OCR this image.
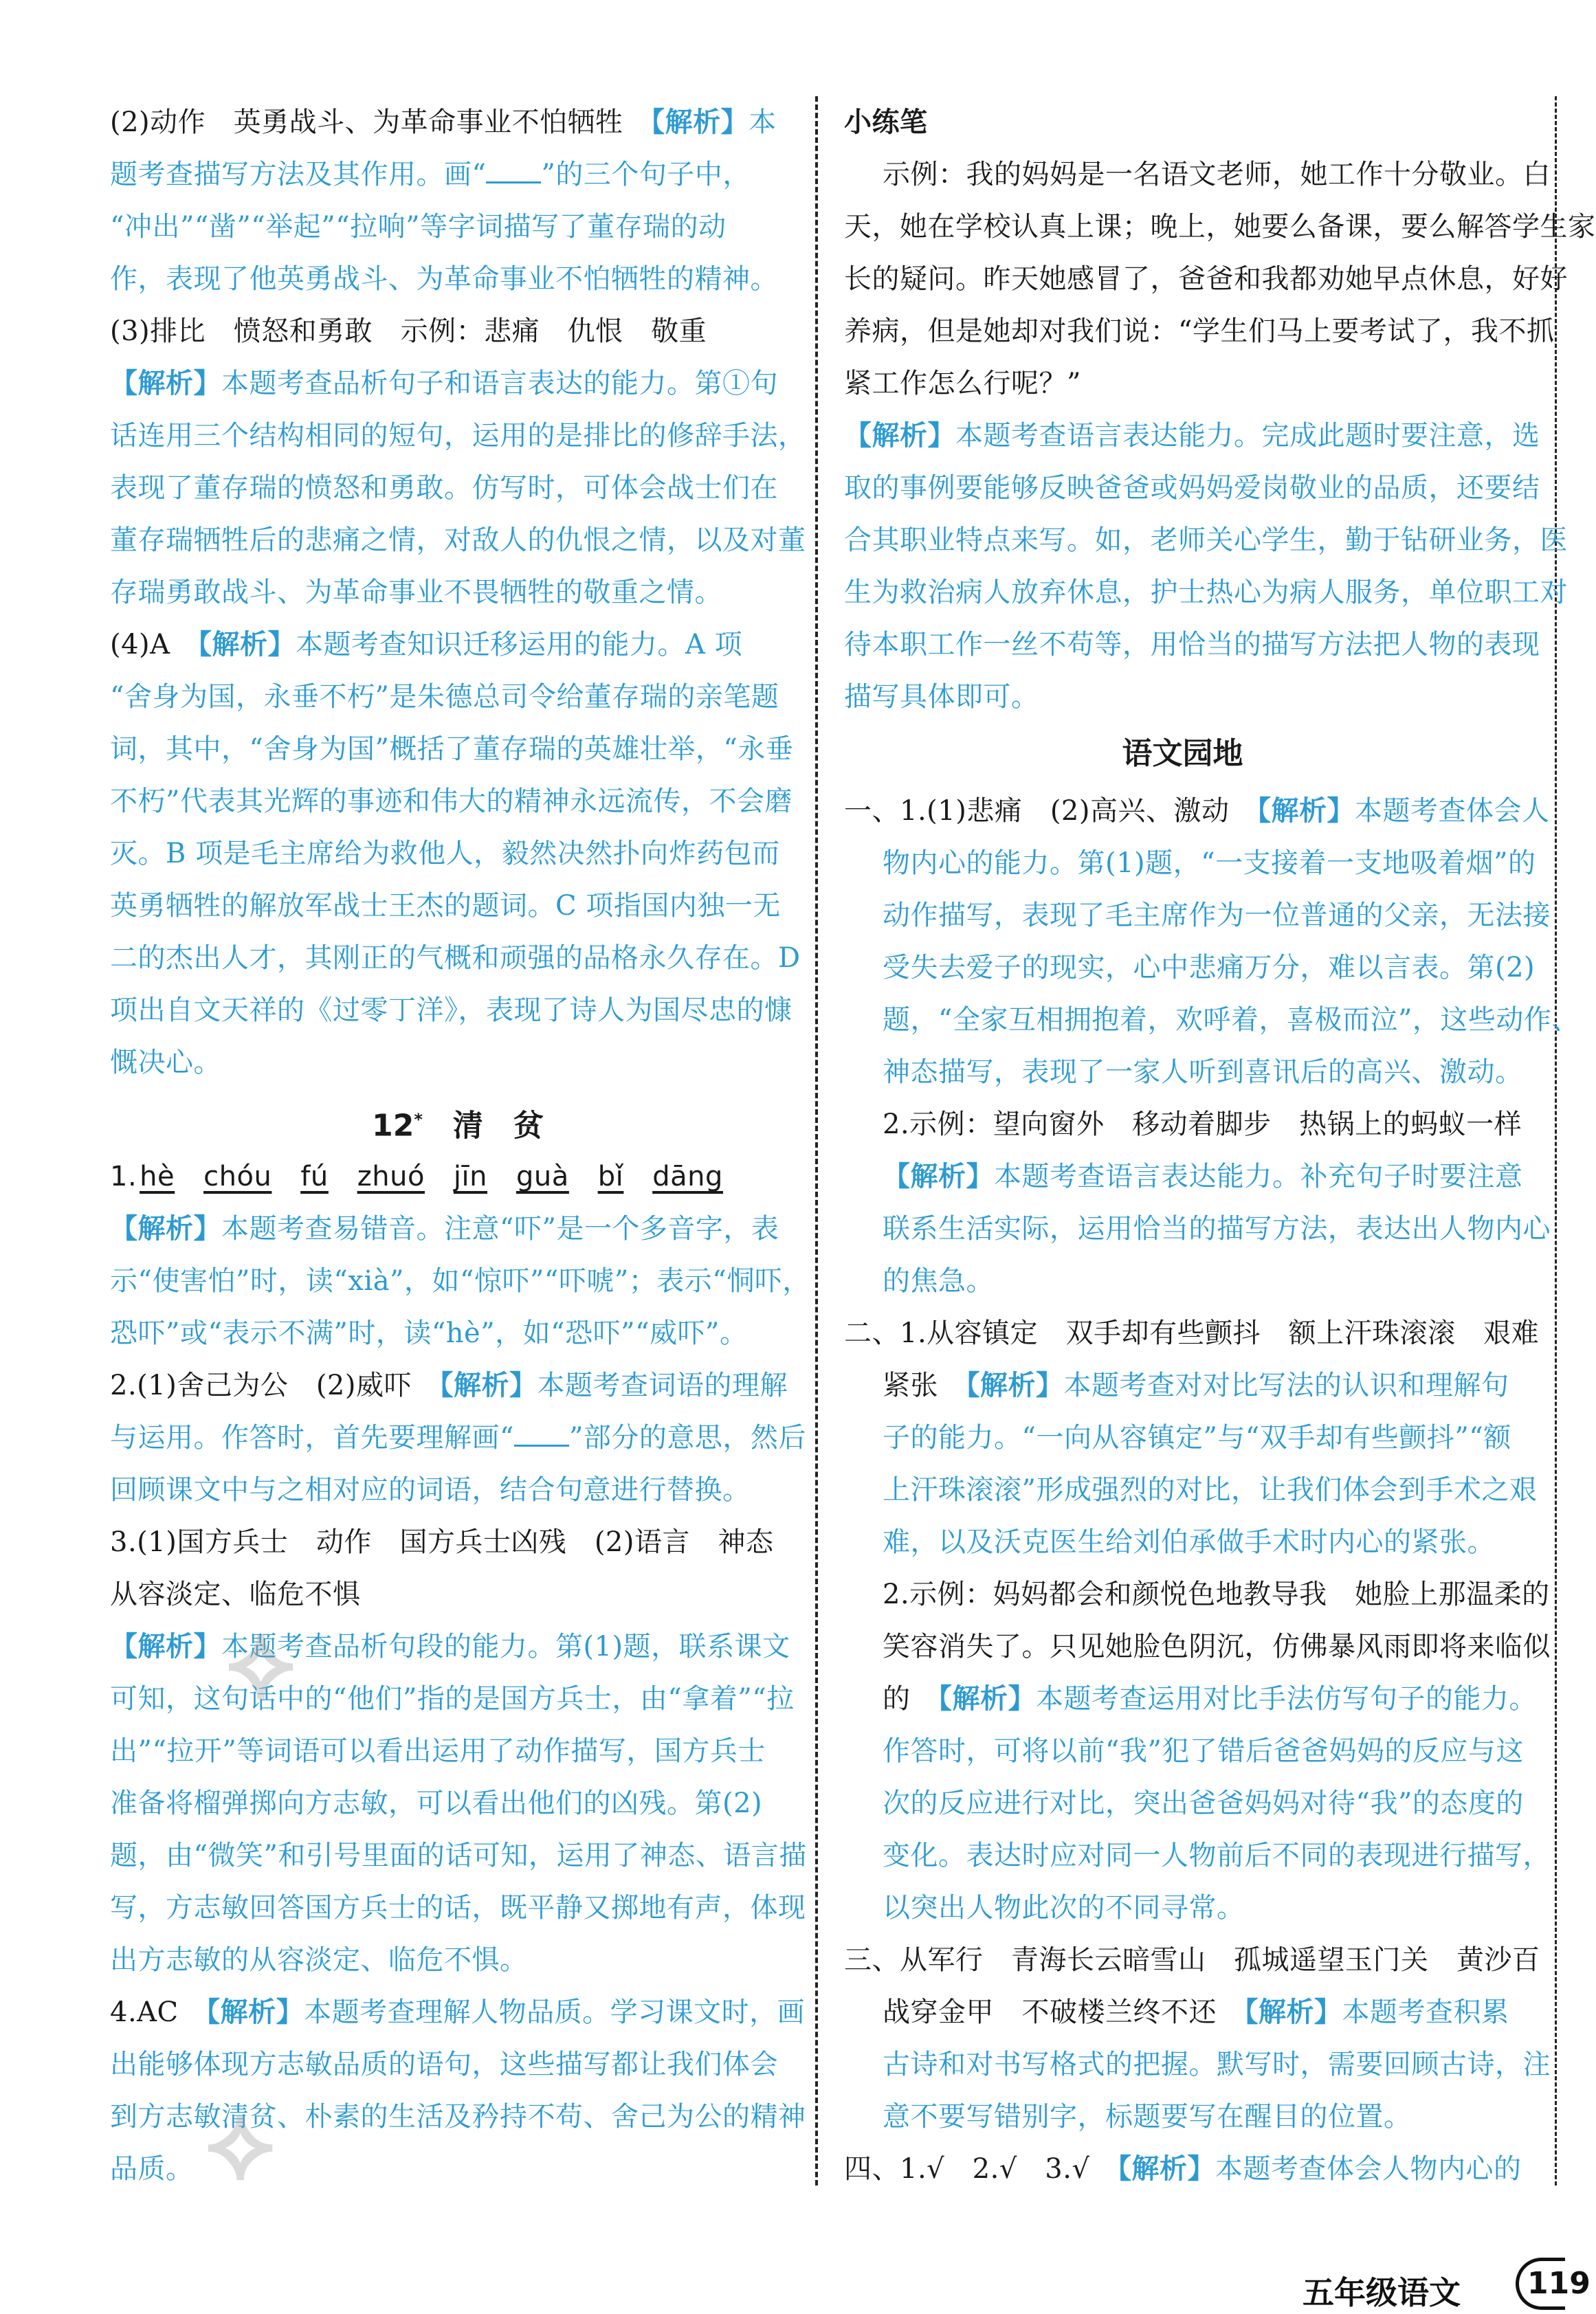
(2)动作　英勇战斗、为革命事业不怕牺牲　 【解析】本
题考查描写方法及其作用。画“ ”的三个句子中，
“冲出”“凿”“举起”“拉响”等字词描写了董存瑞的动
作，表现了他英勇战斗、为革命事业不怕牺牲的精神。
(3)排比　愤怒和勇敢　示例：悲痛　仇恨　敬重
【解析】本题考查品析句子和语言表达的能力。第①句
话连用三个结构相同的短句，运用的是排比的修辞手法，
表现了董存瑞的愤怒和勇敢。仿写时，可体会战士们在
董存瑞牺牲后的悲痛之情，对敌人的仇恨之情，以及对董
存瑞勇敢战斗、为革命事业不畏牺牲的敬重之情。
(4)A　【解析】本题考查知识迁移运用的能力。A 项
“舍身为国，永垂不朽”是朱德总司令给董存瑞的亲笔题
词，其中，“舍身为国”概括了董存瑞的英雄壮举，“永垂
不朽”代表其光辉的事迹和伟大的精神永远流传，不会磨
灭。B 项是毛主席给为救他人，毅然决然扑向炸药包而
英勇牺牲的解放军战士王杰的题词。C 项指国内独一无
二的杰出人才，其刚正的气概和顽强的品格永久存在。D
项出自文天祥的《过零丁洋》，表现了诗人为国尽忠的慷
慨决心。
12*　 清　贫
1. hè chóu fú zhuó jīn guà bǐ dāng
【解析】本题考查易错音。注意“吓”是一个多音字，表
示“使害怕”时，读“xià”，如“惊吓”“吓唬”；表示“恫吓，
恐吓”或“表示不满”时，读“hè”，如“恐吓”“威吓”。
2.(1)舍己为公　(2)威吓　【解析】本题考查词语的理解
与运用。作答时，首先要理解画“ ”部分的意思，然后
回顾课文中与之相对应的词语，结合句意进行替换。
3.(1)国方兵士　动作　国方兵士凶残　(2)语言　神态
从容淡定、临危不惧
【解析】本题考查品析句段的能力。第(1)题，联系课文
可知，这句话中的“他们”指的是国方兵士，由“拿着”“拉
出”“拉开”等词语可以看出运用了动作描写，国方兵士
准备将榴弹掷向方志敏，可以看出他们的凶残。第(2)
题，由“微笑”和引号里面的话可知，运用了神态、语言描
写，方志敏回答国方兵士的话，既平静又掷地有声，体现
出方志敏的从容淡定、临危不惧。
4.AC　【解析】本题考查理解人物品质。学习课文时，画
出能够体现方志敏品质的语句，这些描写都让我们体会
到方志敏清贫、朴素的生活及矜持不苟、舍己为公的精神
品质。
小练笔
示例：我的妈妈是一名语文老师，她工作十分敬业。白
天，她在学校认真上课；晚上，她要么备课，要么解答学生家
长的疑问。昨天她感冒了，爸爸和我都劝她早点休息，好好
养病，但是她却对我们说：“学生们马上要考试了，我不抓
紧工作怎么行呢？”
【解析】本题考查语言表达能力。完成此题时要注意，选
取的事例要能够反映爸爸或妈妈爱岗敬业的品质，还要结
合其职业特点来写。如，老师关心学生，勤于钻研业务，医
生为救治病人放弃休息，护士热心为病人服务，单位职工对
待本职工作一丝不苟等，用恰当的描写方法把人物的表现
描写具体即可。
语文园地
一、1.(1)悲痛　(2)高兴、激动　【解析】本题考查体会人
物内心的能力。第(1)题，“一支接着一支地吸着烟”的
动作描写，表现了毛主席作为一位普通的父亲，无法接
受失去爱子的现实，心中悲痛万分，难以言表。第(2)
题，“全家互相拥抱着，欢呼着，喜极而泣”，这些动作、
神态描写，表现了一家人听到喜讯后的高兴、激动。
2.示例：望向窗外　移动着脚步　热锅上的蚂蚁一样
【解析】本题考查语言表达能力。补充句子时要注意
联系生活实际，运用恰当的描写方法，表达出人物内心
的焦急。
二、1.从容镇定　双手却有些颤抖　额上汗珠滚滚　艰难
紧张　【解析】本题考查对对比写法的认识和理解句
子的能力。“一向从容镇定”与“双手却有些颤抖”“额
上汗珠滚滚”形成强烈的对比，让我们体会到手术之艰
难，以及沃克医生给刘伯承做手术时内心的紧张。
2.示例：妈妈都会和颜悦色地教导我　她脸上那温柔的
笑容消失了。只见她脸色阴沉，仿佛暴风雨即将来临似
的　【解析】本题考查运用对比手法仿写句子的能力。
作答时，可将以前“我”犯了错后爸爸妈妈的反应与这
次的反应进行对比，突出爸爸妈妈对待“我”的态度的
变化。表达时应对同一人物前后不同的表现进行描写，
以突出人物此次的不同寻常。
三、从军行　青海长云暗雪山　孤城遥望玉门关　黄沙百
战穿金甲　不破楼兰终不还　【解析】本题考查积累
古诗和对书写格式的把握。默写时，需要回顾古诗，注
意不要写错别字，标题要写在醒目的位置。
四、1.√　2.√　3.√　【解析】本题考查体会人物内心的
⟡
⟡
五年级语文	119
